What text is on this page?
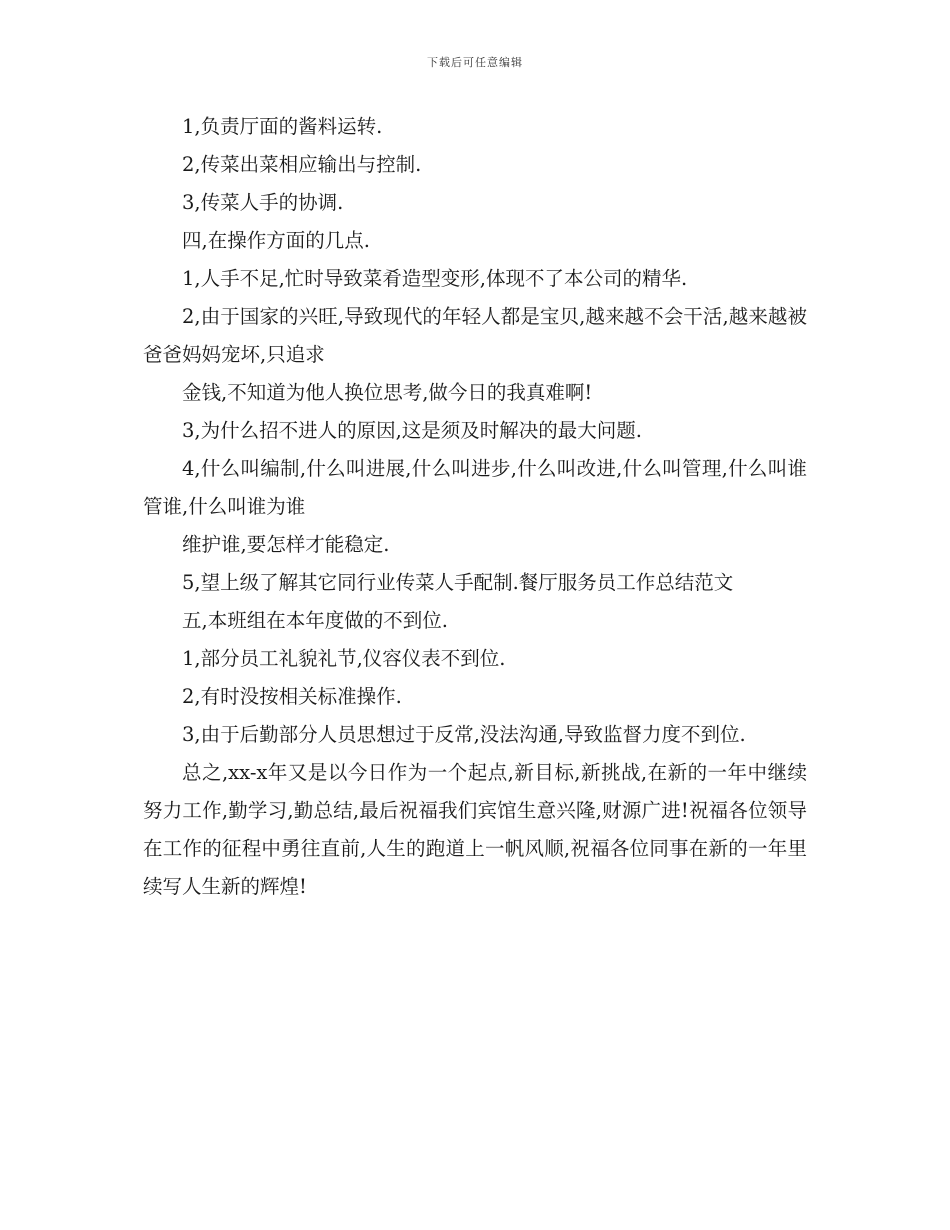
下载后可任意编辑

1,负责厅面的酱料运转.

2,传菜出菜相应输出与控制.

3,传菜人手的协调.

四,在操作方面的几点.

1,人手不足,忙时导致菜肴造型变形,体现不了本公司的精华.

2,由于国家的兴旺,导致现代的年轻人都是宝贝,越来越不会干活,越来越被爸爸妈妈宠坏,只追求

金钱,不知道为他人换位思考,做今日的我真难啊!

3,为什么招不进人的原因,这是须及时解决的最大问题.

4,什么叫编制,什么叫进展,什么叫进步,什么叫改进,什么叫管理,什么叫谁管谁,什么叫谁为谁

维护谁,要怎样才能稳定.

5,望上级了解其它同行业传菜人手配制.餐厅服务员工作总结范文

五,本班组在本年度做的不到位.

1,部分员工礼貌礼节,仪容仪表不到位.

2,有时没按相关标准操作.

3,由于后勤部分人员思想过于反常,没法沟通,导致监督力度不到位.

总之,xx-x年又是以今日作为一个起点,新目标,新挑战,在新的一年中继续努力工作,勤学习,勤总结,最后祝福我们宾馆生意兴隆,财源广进!祝福各位领导在工作的征程中勇往直前,人生的跑道上一帆风顺,祝福各位同事在新的一年里续写人生新的辉煌!
